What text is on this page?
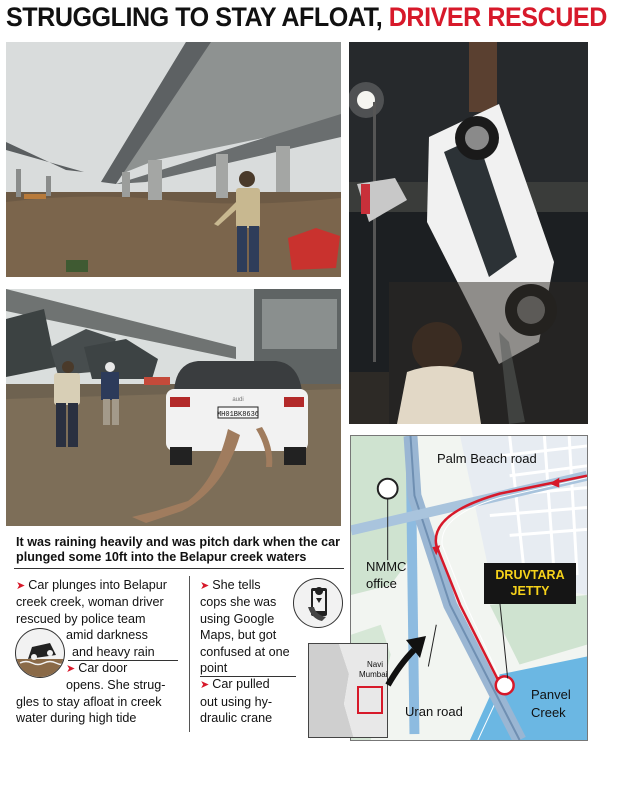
STRUGGLING TO STAY AFLOAT, DRIVER RESCUED
MH01BK8636
audi
It was raining heavily and was pitch dark when the car plunged some 10ft into the Belapur creek waters
➤ Car plunges into Belapur
creek creek, woman driver
rescued by police team
amid darkness
and heavy rain
➤ Car door
opens. She strug-
gles to stay afloat in creek
water during high tide
➤ She tells
cops she was
using Google
Maps, but got
confused at one
point
➤ Car pulled
out using hy-
draulic crane
Palm Beach road
NMMC
office
DRUVTARA
JETTY
Uran road
Panvel
Creek
Navi
Mumbai
